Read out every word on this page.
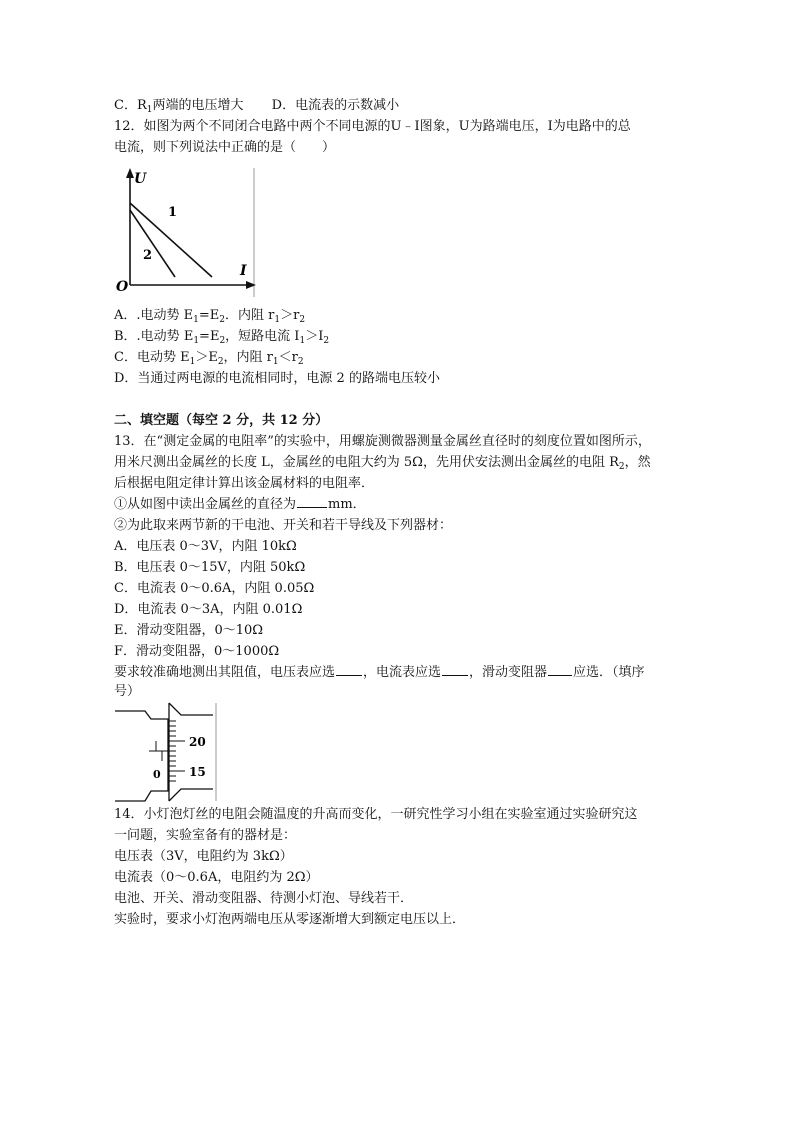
C．$R_1$两端的电压增大 D．电流表的示数减小
12．如图为两个不同闭合电路中两个不同电源的U﹣I图象，U为路端电压，I为电路中的总
电流，则下列说法中正确的是（　　）
U
I
O
1
2
A．.电动势 $E_1=E_2$．内阻 $r_1>r_2$
B．.电动势 $E_1=E_2$，短路电流 $I_1>I_2$
C．电动势 $E_1>E_2$，内阻 $r_1<r_2$
D．当通过两电源的电流相同时，电源 2 的路端电压较小
二、填空题（每空 2 分，共 12 分）
13．在“测定金属的电阻率”的实验中，用螺旋测微器测量金属丝直径时的刻度位置如图所示，
用米尺测出金属丝的长度 L，金属丝的电阻大约为 5Ω，先用伏安法测出金属丝的电阻 $R_2$，然
后根据电阻定律计算出该金属材料的电阻率．
①从如图中读出金属丝的直径为 mm．
②为此取来两节新的干电池、开关和若干导线及下列器材：
A．电压表 0～3V，内阻 10kΩ
B．电压表 0～15V，内阻 50kΩ
C．电流表 0～0.6A，内阻 0.05Ω
D．电流表 0～3A，内阻 0.01Ω
E．滑动变阻器，0～10Ω
F．滑动变阻器，0～1000Ω
要求较准确地测出其阻值，电压表应选 ，电流表应选 ，滑动变阻器 应选．（填序
号）
0
20
15
14．小灯泡灯丝的电阻会随温度的升高而变化，一研究性学习小组在实验室通过实验研究这
一问题，实验室备有的器材是：
电压表（3V，电阻约为 3kΩ）
电流表（0～0.6A，电阻约为 2Ω）
电池、开关、滑动变阻器、待测小灯泡、导线若干．
实验时，要求小灯泡两端电压从零逐渐增大到额定电压以上．
